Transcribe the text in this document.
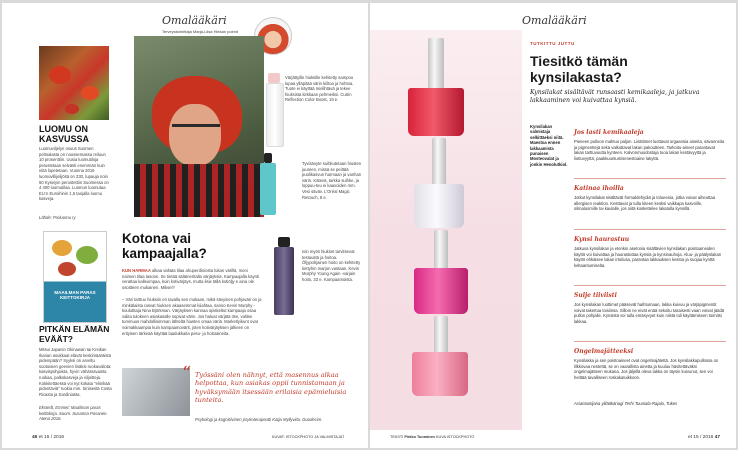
Omalääkäri
Terveystoimittaja Marja-Liisa Hiekan poimit
LUOMU ON KASVUSSA
Luomuviljelyn osuus Suomen peltoalasta on noussemassa reiluun 10 prosenttiin. Uusia luomutiloja perustetaan selvästi enemmän kuin niitä lopetetaan. Vuonna 2016 luomuvillijelijöitä on 230, lupauja noin 50 Kyseiyin perustettiin Suomessa on 4 400 luomutilaa. Luomun luomutaa EU:n Euroihinin 1,6 taojalla luomu kasveja.
Lähde: Proluomu ry
MAAILMAN PARAS KEITTOKIRJA
PITKÄN ELÄMÄN EVÄÄT?
Mitsui Japanin Okinawan tai Kreikan Ikarian asukkaat elävät keskimääräistä pidempään? Syyksi on arveltu suotuisien geenien lisäksi ruokavaliota: kasvispohjaista, hyvin vähärasvaista ruokaa, palkokasveja ja viljoitteja. Kokkitettäessä voi nyt kokata "elinikää pidentäviä" ruokia mm. Sinisestä Costa Ricasta ja Sardiniasta.
Ekstedt, Emmet: Maailman paras keittokirja. Suom. Susanna Pasanen. Atena 2016.
Kotona vai kampaajalla?
KUN HARMAA alkaa valtata tilaa ahuperdiniosta lukan värillä, moni naimen tilaa tasoon. Se tietää sälämeritalla värjäyksiä. Kampaajalla käynti verattaa kalleumpaa, kuin kotivärjäys, mutta lisie tällä kotiöljy e aina ole osoitteen mukainen. Miksei?
– Väri tarttuu hiuksiin eri tavalla sen mukaan, mikä sävyinen pohjaväri on ja minkälaista rasvat hiuksen akaasemmat kiiahtaa, sanoo Kevin Murphy -koulutttaja Nina Björkman. Värjäyksen kannaa opiskeltut kampaaja osaa valita tulokeen asiakasalle sopivat värin. Jos haluat värjätä itse, valitse tummuus mahdollisimman lähteltä hiusten omaa väriä. Marketlyikunt ovat voimakkaampia kuin kampaamovärit, joten kotivärjäyksen jälkeen on erityisen tärkeää käyttää laadukkaita pesu- ja hoitoaineita.
Värjättyille hiuksille kehitetty sampoo lupaa ylläpitää värin kiiltoa ja hohtoa. Tuote ei käyttää mielihtävä ja tekee hiuksista kirkkaan pehmeiksi. Cutrin Reflection Color Boost, 19 e.
Tyvisävyte suihkutetaan hiusten juureen, missä se peittää puolikasvun harmaan ja vanhan värin. Kätevä, tarkka suihke, ja loppuu-teu ei kaavoiden mm. Vesi säväv. L'Oréal Magic Retouch, 8 e.
Ioin myös hiukset tarvitsevat testaustä ja hoitoa. Öljypohjainen hoito on kehitetty tiettyhin marjon vastaan. Kevin Murphy Young Again -varjain hoito, 33 e. Kampaamoista.
“ Työssäni olen nähnyt, että masennus alkaa helpottaa, kun asiakas oppii tunnistamaan ja hyväksymään itsessään erilaisia epämieluisia tunteita.
Psykologi ja kognitiivinen psykoterapeutti Katja Myllyviita. Duodecim.
46 et 15 / 2016	KUVAT: ISTOCKPHOTO JA VALMISTAJAT
Omalääkäri
TUTKITTU JUTTU
Tiesitkö tämän kynsilakasta?
Kynsilakat sisältävät runsaasti kemikaaleja, ja jatkuva lakkaaminen voi kuivattaa kynsiä.
Kynsilakan valmistaja selkittäeksi niitä. Maestoa ennen lakkaamista punaisen Mosteovalat ja jonkin Henolutkiol.
Jos lasti kemikaaleja
Pieneen pulloon mahtuu paljon. Lisättimet luottavat orgaansia aineita, sävanneita ja pigmenttejä sekä valkuttavat lakan pakoutteen. Tarkoitu-aineet parantavat lakan tarttuvuutta kynteen. Kalvonmuodostaja tuoa lakan kestävyyttä ja liottuvyyttä, paakkuuntumisenestoaine lakyttä.
Katinaa ihoilla
Jotkut kynsilakat sisältävät formaldehydiä ja tolueenia, jotka voivat aiheuttaa allergisen reaktion. Kesttavat ja tulla kiteen kesksi vaikkapa kasvoille, silmaluomille tai kaulalle, jos niitä koskettelee lakatulla kynsillä.
Kynsi haurastuu
Jatkuva kynsilakan ja etenkin asetonia sisältävien kynsilakan poistoaineiden käyttö voi kuivattaa ja haurastuttaa kynsiä ja kynsinauhoja. Aluu- ja päälyslakan käyttö ehkäisee lakan irtoilusa, parantaa lakkauksen kestoa ja suojaa kynttä keltaantumiselta.
Sulje tiiviisti
Jos kynsilakan luottimet pääsevät haihtumaan, lakka kuivuu ja värjäpigmentit voivat takertua toisiinsa. Silloin ne eivät enää sekoitu tasaisesti vaan voivat jäädä pullon pohjalle. Kynsistä voi tulla emäsyvyet kuin niistä tuli käyttämiseen toimitsi lakkaa.
Ongelmajätteeksi
Kynsilakka ja sen poistoaineet ovat ongelmajätettä. Jos kynsilakkapullossa on lilkkovaa nestettä, se on vaarallista ainetta ja kuuluu hävitettäväksi ongelmajätteen mukana. Jos jäljellä oleva lakka on täysin kuivunut, sen voi heittää tavalliseen roskakatuikkoon.
Asiantuntijana ylilääkäriagi Terhi Tuuniala-Rajala, Tukes
TEKSTI Pirkko Tuominen KUVA ISTOCKPHOTO	et 15 / 2016 47
